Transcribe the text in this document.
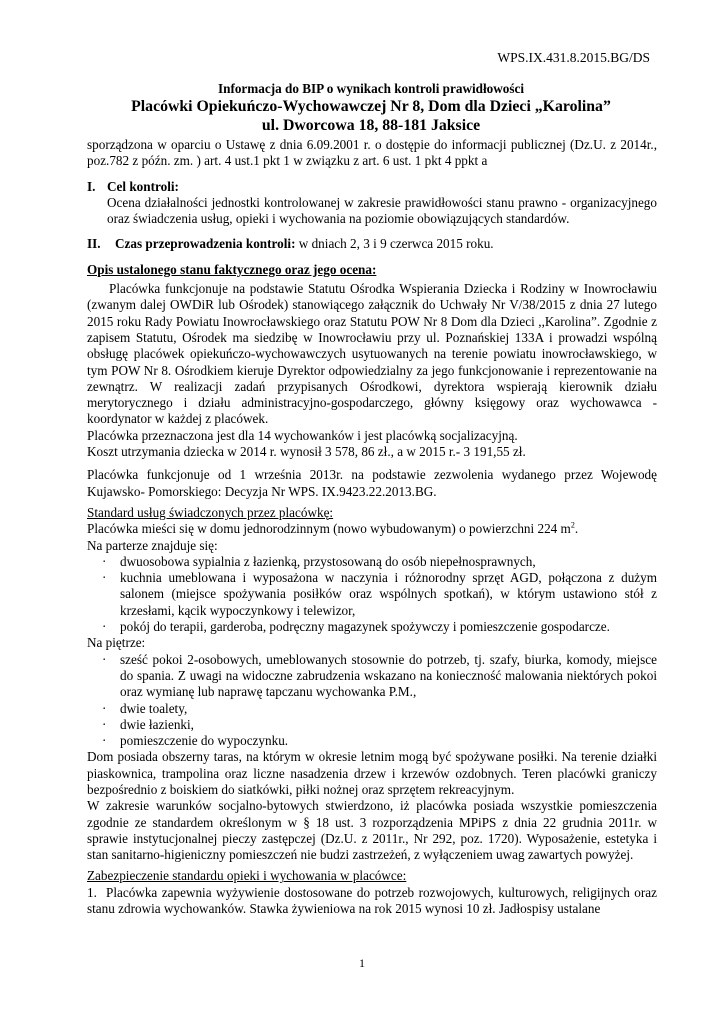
WPS.IX.431.8.2015.BG/DS
Informacja do BIP o wynikach kontroli prawidłowości
Placówki Opiekuńczo-Wychowawczej Nr 8, Dom dla Dzieci „Karolina”
ul. Dworcowa 18, 88-181 Jaksice
sporządzona w oparciu o Ustawę z dnia 6.09.2001 r. o dostępie do informacji publicznej (Dz.U. z 2014r., poz.782 z późn. zm. ) art. 4 ust.1 pkt 1 w związku z art. 6 ust. 1 pkt 4 ppkt a
I. Cel kontroli:
Ocena działalności jednostki kontrolowanej w zakresie prawidłowości stanu prawno - organizacyjnego oraz świadczenia usług, opieki i wychowania na poziomie obowiązujących standardów.
II. Czas przeprowadzenia kontroli: w dniach 2, 3 i 9 czerwca 2015 roku.
Opis ustalonego stanu faktycznego oraz jego ocena:
Placówka funkcjonuje na podstawie Statutu Ośrodka Wspierania Dziecka i Rodziny w Inowrocławiu (zwanym dalej OWDiR lub Ośrodek) stanowiącego załącznik do Uchwały Nr V/38/2015 z dnia 27 lutego 2015 roku Rady Powiatu Inowrocławskiego oraz Statutu POW Nr 8 Dom dla Dzieci ,,Karolina”. Zgodnie z zapisem Statutu, Ośrodek ma siedzibę w Inowrocławiu przy ul. Poznańskiej 133A i prowadzi wspólną obsługę placówek opiekuńczo-wychowawczych usytuowanych na terenie powiatu inowrocławskiego, w tym POW Nr 8. Ośrodkiem kieruje Dyrektor odpowiedzialny za jego funkcjonowanie i reprezentowanie na zewnątrz. W realizacji zadań przypisanych Ośrodkowi, dyrektora wspierają kierownik działu merytorycznego i działu administracyjno-gospodarczego, główny księgowy oraz wychowawca - koordynator w każdej z placówek.
Placówka przeznaczona jest dla 14 wychowanków i jest placówką socjalizacyjną.
Koszt utrzymania dziecka w 2014 r. wynosił 3 578, 86 zł., a w 2015 r.- 3 191,55 zł.
Placówka funkcjonuje od 1 września 2013r. na podstawie zezwolenia wydanego przez Wojewodę Kujawsko- Pomorskiego: Decyzja Nr WPS. IX.9423.22.2013.BG.
Standard usług świadczonych przez placówkę:
Placówka mieści się w domu jednorodzinnym (nowo wybudowanym) o powierzchni 224 $m^2$.
Na parterze znajduje się:
· dwuosobowa sypialnia z łazienką, przystosowaną do osób niepełnosprawnych,
· kuchnia umeblowana i wyposażona w naczynia i różnorodny sprzęt AGD, połączona z dużym salonem (miejsce spożywania posiłków oraz wspólnych spotkań), w którym ustawiono stół z krzesłami, kącik wypoczynkowy i telewizor,
· pokój do terapii, garderoba, podręczny magazynek spożywczy i pomieszczenie gospodarcze.
Na piętrze:
· sześć pokoi 2-osobowych, umeblowanych stosownie do potrzeb, tj. szafy, biurka, komody, miejsce do spania. Z uwagi na widoczne zabrudzenia wskazano na konieczność malowania niektórych pokoi oraz wymianę lub naprawę tapczanu wychowanka P.M.,
· dwie toalety,
· dwie łazienki,
· pomieszczenie do wypoczynku.
Dom posiada obszerny taras, na którym w okresie letnim mogą być spożywane posiłki. Na terenie działki piaskownica, trampolina oraz liczne nasadzenia drzew i krzewów ozdobnych. Teren placówki graniczy bezpośrednio z boiskiem do siatkówki, piłki nożnej oraz sprzętem rekreacyjnym.
W zakresie warunków socjalno-bytowych stwierdzono, iż placówka posiada wszystkie pomieszczenia zgodnie ze standardem określonym w § 18 ust. 3 rozporządzenia MPiPS z dnia 22 grudnia 2011r. w sprawie instytucjonalnej pieczy zastępczej (Dz.U. z 2011r., Nr 292, poz. 1720). Wyposażenie, estetyka i stan sanitarno-higieniczny pomieszczeń nie budzi zastrzeżeń, z wyłączeniem uwag zawartych powyżej.
Zabezpieczenie standardu opieki i wychowania w placówce:
1. Placówka zapewnia wyżywienie dostosowane do potrzeb rozwojowych, kulturowych, religijnych oraz stanu zdrowia wychowanków. Stawka żywieniowa na rok 2015 wynosi 10 zł. Jadłospisy ustalane
1
